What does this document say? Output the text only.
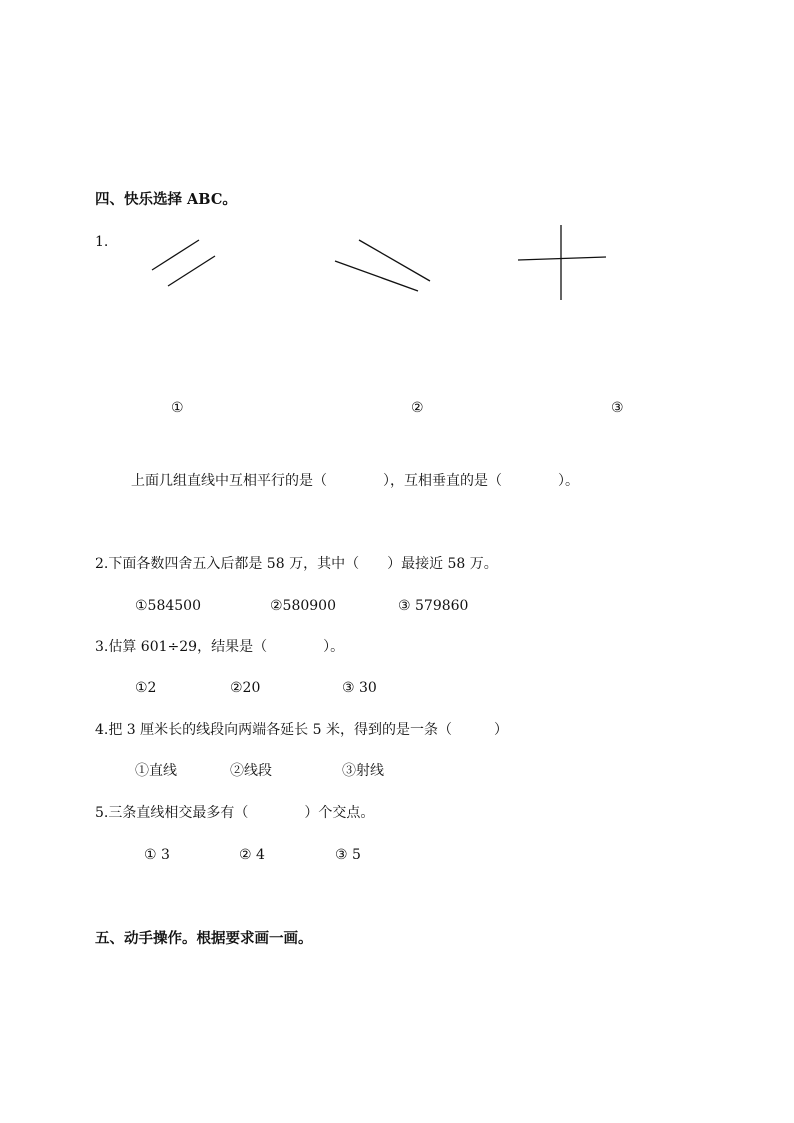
四、快乐选择 ABC。
1.
①	②	③
上面几组直线中互相平行的是（　　　　），互相垂直的是（　　　　）。
2.下面各数四舍五入后都是 58 万，其中（　　）最接近 58 万。
①584500	②580900	③ 579860
3.估算 601÷29，结果是（　　　　）。
①2	②20	③ 30
4.把 3 厘米长的线段向两端各延长 5 米，得到的是一条（　　　）
①直线	②线段	③射线
5.三条直线相交最多有（　　　　）个交点。
① 3	② 4	③ 5
五、动手操作。根据要求画一画。
